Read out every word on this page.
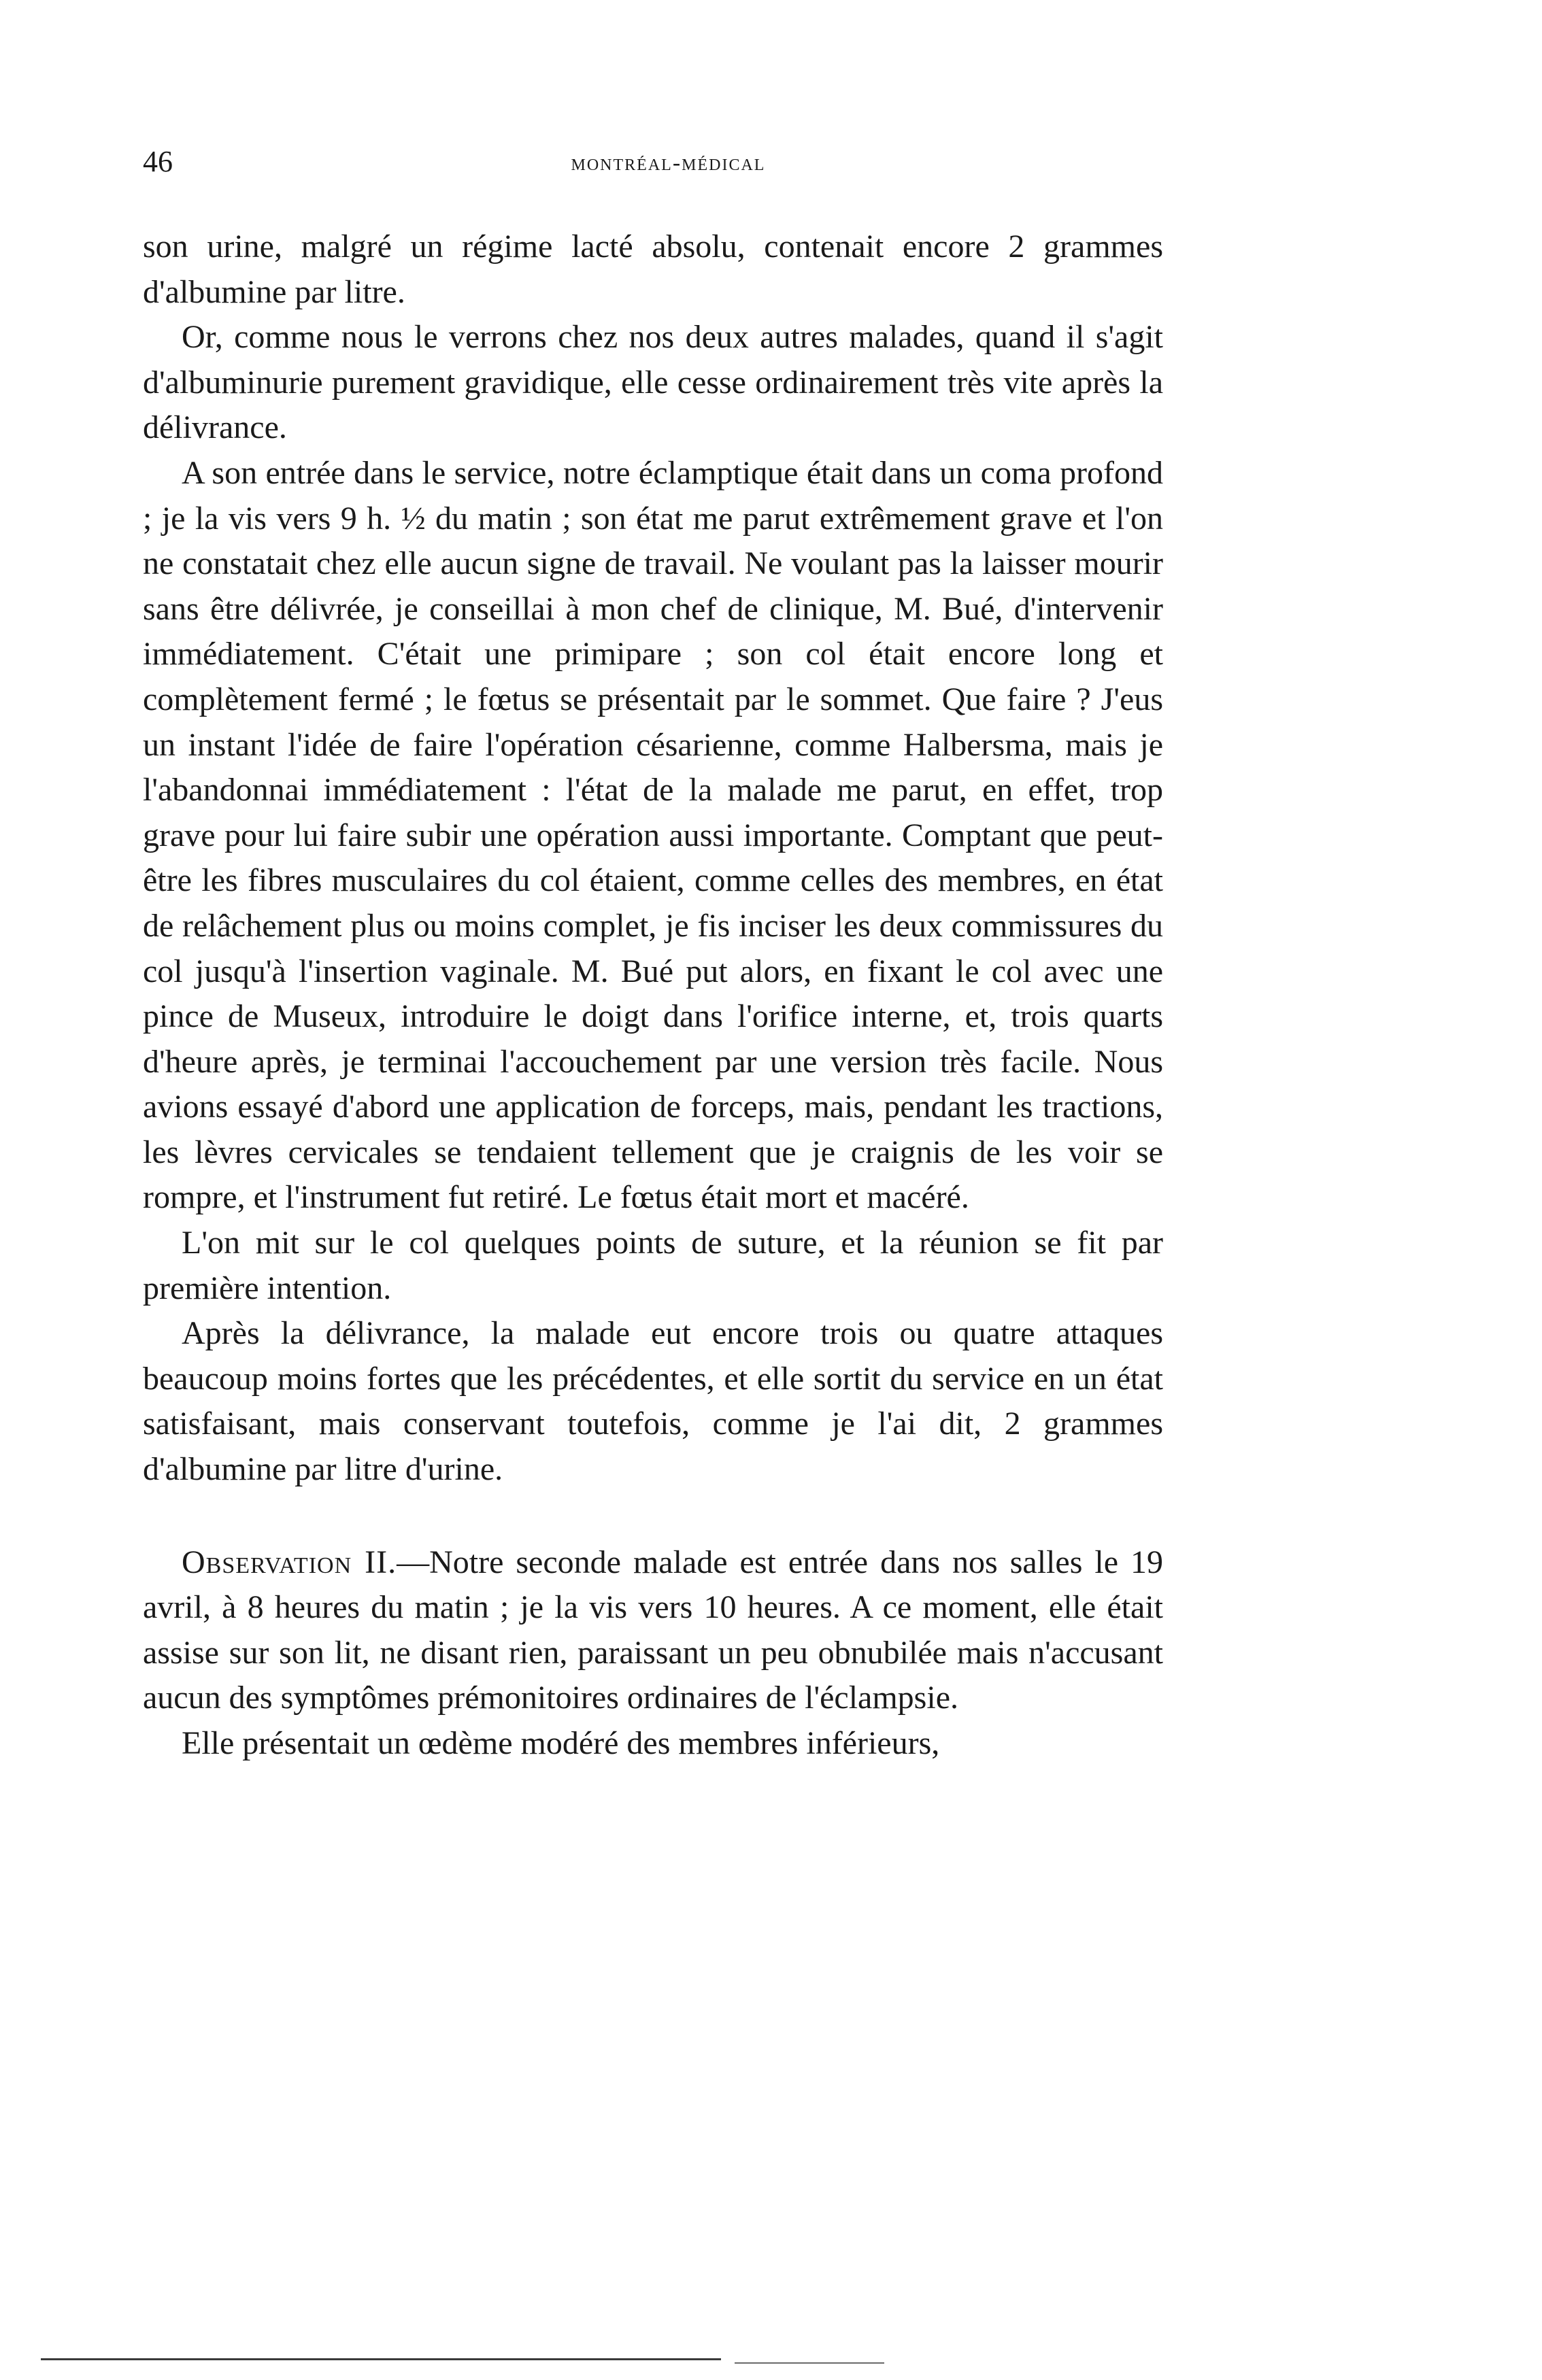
46	montréal-médical

son urine, malgré un régime lacté absolu, contenait encore 2 grammes d'albumine par litre.

Or, comme nous le verrons chez nos deux autres malades, quand il s'agit d'albuminurie purement gravidique, elle cesse ordinairement très vite après la délivrance.

A son entrée dans le service, notre éclamptique était dans un coma profond ; je la vis vers 9 h. ½ du matin ; son état me parut extrêmement grave et l'on ne constatait chez elle aucun signe de travail. Ne voulant pas la laisser mourir sans être délivrée, je conseillai à mon chef de clinique, M. Bué, d'intervenir immédiatement. C'était une primipare ; son col était encore long et complètement fermé ; le fœtus se présentait par le sommet. Que faire ? J'eus un instant l'idée de faire l'opération césarienne, comme Halbersma, mais je l'abandonnai immédiatement : l'état de la malade me parut, en effet, trop grave pour lui faire subir une opération aussi importante. Comptant que peut-être les fibres musculaires du col étaient, comme celles des membres, en état de relâchement plus ou moins complet, je fis inciser les deux commissures du col jusqu'à l'insertion vaginale. M. Bué put alors, en fixant le col avec une pince de Museux, introduire le doigt dans l'orifice interne, et, trois quarts d'heure après, je terminai l'accouchement par une version très facile. Nous avions essayé d'abord une application de forceps, mais, pendant les tractions, les lèvres cervicales se tendaient tellement que je craignis de les voir se rompre, et l'instrument fut retiré. Le fœtus était mort et macéré.

L'on mit sur le col quelques points de suture, et la réunion se fit par première intention.

Après la délivrance, la malade eut encore trois ou quatre attaques beaucoup moins fortes que les précédentes, et elle sortit du service en un état satisfaisant, mais conservant toutefois, comme je l'ai dit, 2 grammes d'albumine par litre d'urine.

Observation II.—Notre seconde malade est entrée dans nos salles le 19 avril, à 8 heures du matin ; je la vis vers 10 heures. A ce moment, elle était assise sur son lit, ne disant rien, paraissant un peu obnubilée mais n'accusant aucun des symptômes prémonitoires ordinaires de l'éclampsie.

Elle présentait un œdème modéré des membres inférieurs,
